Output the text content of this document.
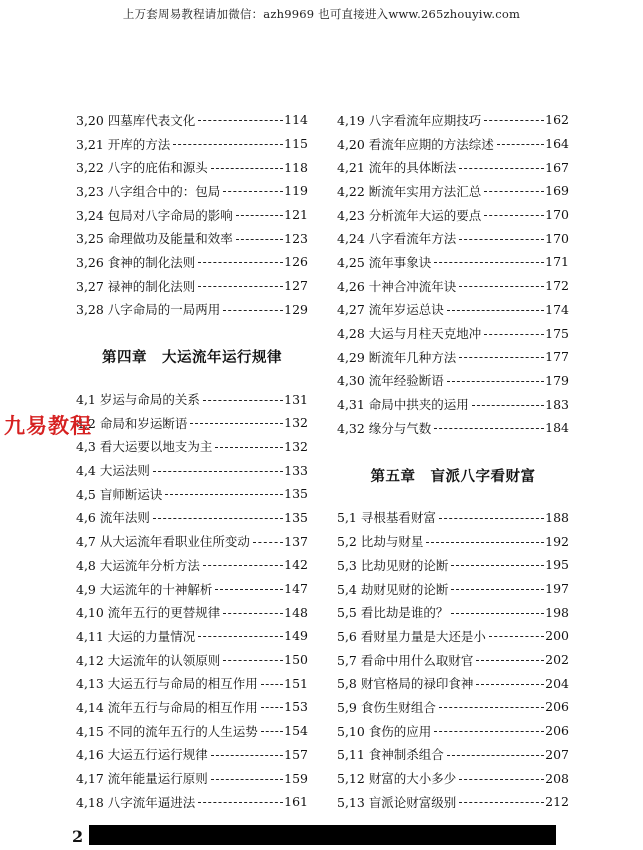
上万套周易教程请加微信：azh9969 也可直接进入www.265zhouyiw.com
3,20 四墓库代表文化	114
3,21 开库的方法	115
3,22 八字的庇佑和源头	118
3,23 八字组合中的：包局	119
3,24 包局对八字命局的影响	121
3,25 命理做功及能量和效率	123
3,26 食神的制化法则	126
3,27 禄神的制化法则	127
3,28 八字命局的一局两用	129
第四章　大运流年运行规律
4,1 岁运与命局的关系	131
4,2 命局和岁运断语	132
4,3 看大运要以地支为主	132
4,4 大运法则	133
4,5 盲师断运诀	135
4,6 流年法则	135
4,7 从大运流年看职业住所变动	137
4,8 大运流年分析方法	142
4,9 大运流年的十神解析	147
4,10 流年五行的更替规律	148
4,11 大运的力量情况	149
4,12 大运流年的认领原则	150
4,13 大运五行与命局的相互作用 151
4,14 流年五行与命局的相互作用 153
4,15 不同的流年五行的人生运势 154
4,16 大运五行运行规律	157
4,17 流年能量运行原则	159
4,18 八字流年逼进法	161
4,19 八字看流年应期技巧	162
4,20 看流年应期的方法综述	164
4,21 流年的具体断法	167
4,22 断流年实用方法汇总	169
4,23 分析流年大运的要点	170
4,24 八字看流年方法	170
4,25 流年事象诀	171
4,26 十神合冲流年诀	172
4,27 流年岁运总诀	174
4,28 大运与月柱天克地冲	175
4,29 断流年几种方法	177
4,30 流年经验断语	179
4,31 命局中拱夹的运用	183
4,32 缘分与气数	184
第五章　盲派八字看财富
5,1 寻根基看财富	188
5,2 比劫与财星	192
5,3 比劫见财的论断	195
5,4 劫财见财的论断	197
5,5 看比劫是谁的？	198
5,6 看财星力量是大还是小	200
5,7 看命中用什么取财官	202
5,8 财官格局的禄印食神	204
5,9 食伤生财组合	206
5,10 食伤的应用	206
5,11 食神制杀组合	207
5,12 财富的大小多少	208
5,13 盲派论财富级别	212
九易教程
2
